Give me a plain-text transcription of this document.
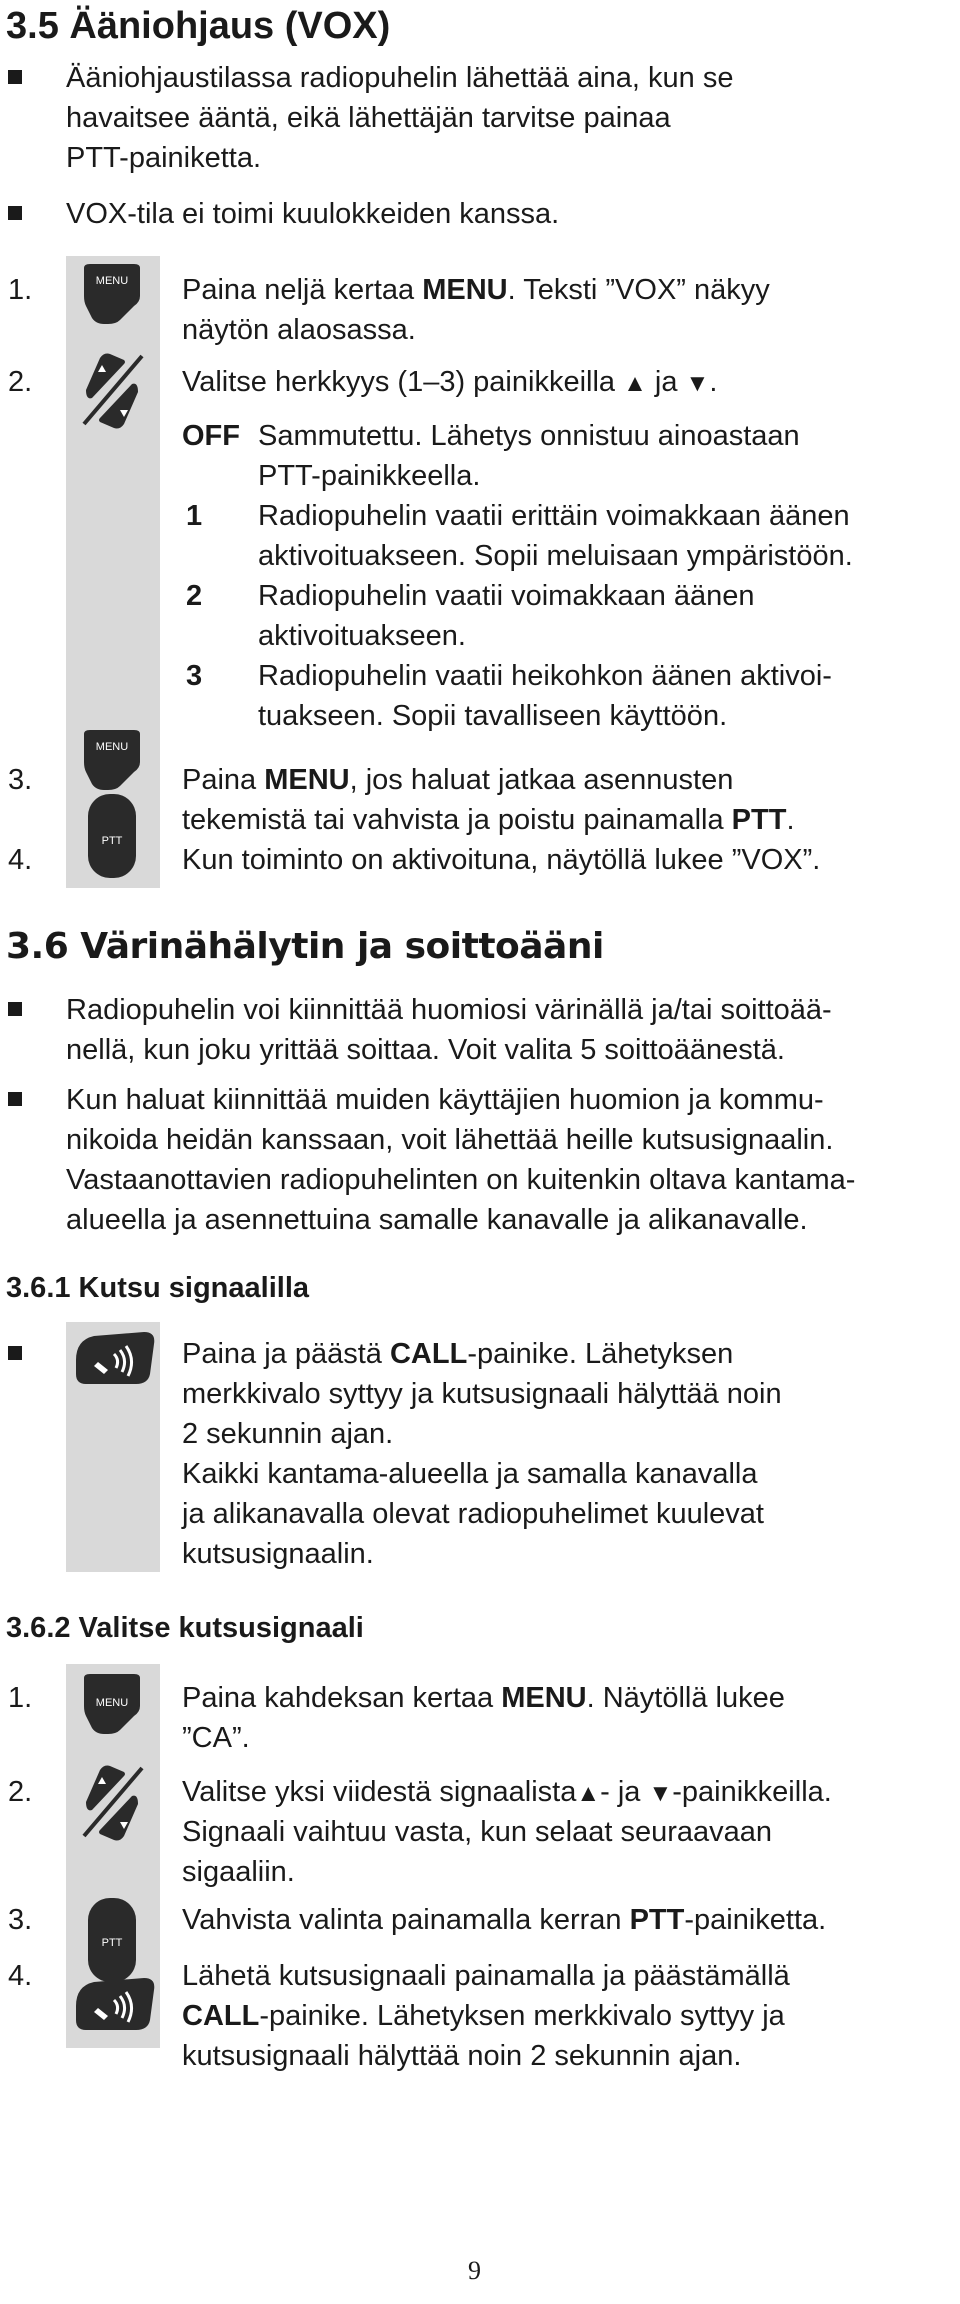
3.5 Ääniohjaus (VOX)
Ääniohjaustilassa radiopuhelin lähettää aina, kun se
havaitsee ääntä, eikä lähettäjän tarvitse painaa
PTT-painiketta.
VOX-tila ei toimi kuulokkeiden kanssa.
MENU
1.	Paina neljä kertaa MENU. Teksti ”VOX” näkyy
näytön alaosassa.
2.	Valitse herkkyys (1–3) painikkeilla ▲ ja ▼.
OFF Sammutettu. Lähetys onnistuu ainoastaan
PTT-painikkeella.
1 Radiopuhelin vaatii erittäin voimakkaan äänen
aktivoituakseen. Sopii meluisaan ympäristöön.
2 Radiopuhelin vaatii voimakkaan äänen
aktivoituakseen.
3 Radiopuhelin vaatii heikohkon äänen aktivoi-
tuakseen. Sopii tavalliseen käyttöön.
MENU
3.	Paina MENU, jos haluat jatkaa asennusten
tekemistä tai vahvista ja poistu painamalla PTT.
PTT
4.	Kun toiminto on aktivoituna, näytöllä lukee ”VOX”.
3.6 Värinähälytin ja soittoääni
Radiopuhelin voi kiinnittää huomiosi värinällä ja/tai soittoää-
nellä, kun joku yrittää soittaa. Voit valita 5 soittoäänestä.
Kun haluat kiinnittää muiden käyttäjien huomion ja kommu-
nikoida heidän kanssaan, voit lähettää heille kutsusignaalin.
Vastaanottavien radiopuhelinten on kuitenkin oltava kantama-
alueella ja asennettuina samalle kanavalle ja alikanavalle.
3.6.1 Kutsu signaalilla
Paina ja päästä CALL-painike. Lähetyksen
merkkivalo syttyy ja kutsusignaali hälyttää noin
2 sekunnin ajan.
Kaikki kantama-alueella ja samalla kanavalla
ja alikanavalla olevat radiopuhelimet kuulevat
kutsusignaalin.
3.6.2 Valitse kutsusignaali
MENU
1.	Paina kahdeksan kertaa MENU. Näytöllä lukee
”CA”.
2.	Valitse yksi viidestä signaalista▲- ja ▼-painikkeilla.
Signaali vaihtuu vasta, kun selaat seuraavaan
sigaaliin.
PTT
3.	Vahvista valinta painamalla kerran PTT-painiketta.
4.	Lähetä kutsusignaali painamalla ja päästämällä
CALL-painike. Lähetyksen merkkivalo syttyy ja
kutsusignaali hälyttää noin 2 sekunnin ajan.
9
